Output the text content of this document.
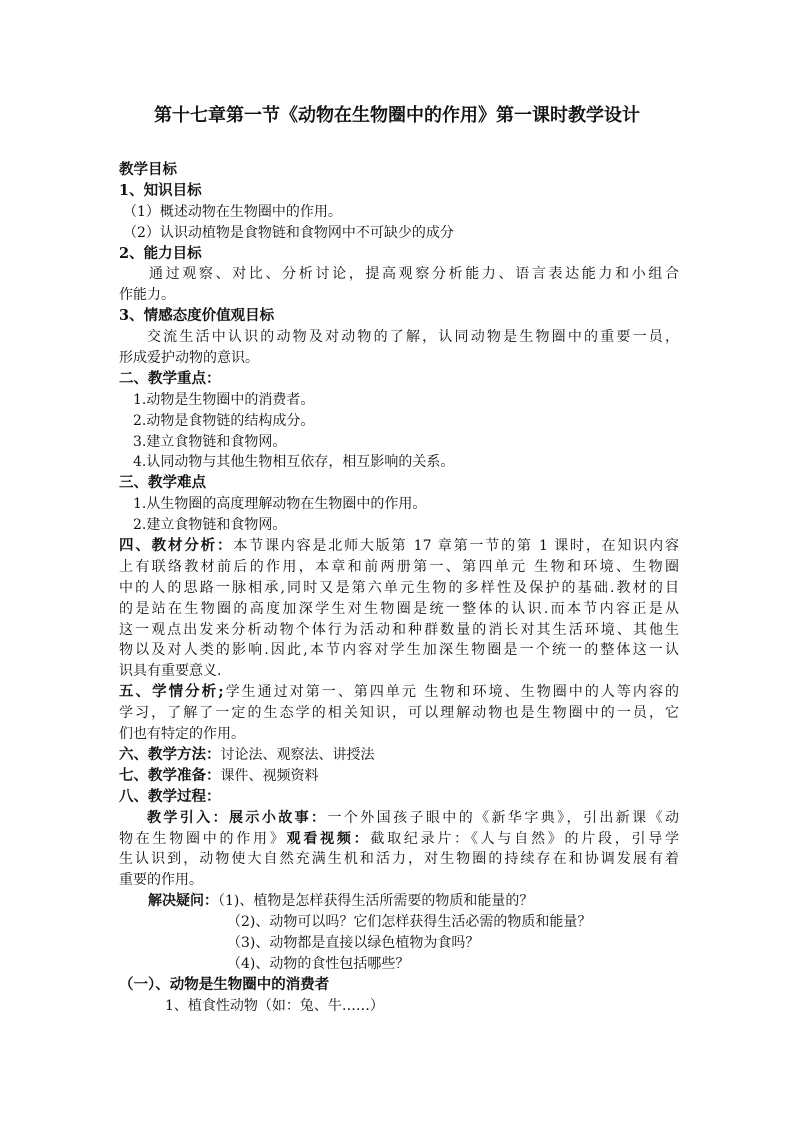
第十七章第一节《动物在生物圈中的作用》第一课时教学设计
教学目标
1、知识目标
（1）概述动物在生物圈中的作用。
（2）认识动植物是食物链和食物网中不可缺少的成分
2、能力目标
通过观察、对比、分析讨论，提高观察分析能力、语言表达能力和小组合
作能力。
3、情感态度价值观目标
交流生活中认识的动物及对动物的了解，认同动物是生物圈中的重要一员，
形成爱护动物的意识。
二、教学重点：
1.动物是生物圈中的消费者。
2.动物是食物链的结构成分。
3.建立食物链和食物网。
4.认同动物与其他生物相互依存，相互影响的关系。
三、教学难点
1.从生物圈的高度理解动物在生物圈中的作用。
2.建立食物链和食物网。
四、教材分析：本节课内容是北师大版第 17 章第一节的第 1 课时，在知识内容
上有联络教材前后的作用，本章和前两册第一、第四单元 生物和环境、生物圈
中的人的思路一脉相承,同时又是第六单元生物的多样性及保护的基础.教材的目
的是站在生物圈的高度加深学生对生物圈是统一整体的认识.而本节内容正是从
这一观点出发来分析动物个体行为活动和种群数量的消长对其生活环境、其他生
物以及对人类的影响.因此,本节内容对学生加深生物圈是一个统一的整体这一认
识具有重要意义.
五、学情分析;学生通过对第一、第四单元 生物和环境、生物圈中的人等内容的
学习，了解了一定的生态学的相关知识，可以理解动物也是生物圈中的一员，它
们也有特定的作用。
六、教学方法：讨论法、观察法、讲授法
七、教学准备：课件、视频资料
八、教学过程：
教学引入：展示小故事：一个外国孩子眼中的《新华字典》，引出新课《动
物在生物圈中的作用》观看视频：截取纪录片：《人与自然》的片段，引导学
生认识到，动物使大自然充满生机和活力，对生物圈的持续存在和协调发展有着
重要的作用。
解决疑问：（1)、植物是怎样获得生活所需要的物质和能量的？
（2)、动物可以吗？它们怎样获得生活必需的物质和能量？
（3)、动物都是直接以绿色植物为食吗？
（4)、动物的食性包括哪些？
（一）、动物是生物圈中的消费者
1、植食性动物（如：兔、牛……）
